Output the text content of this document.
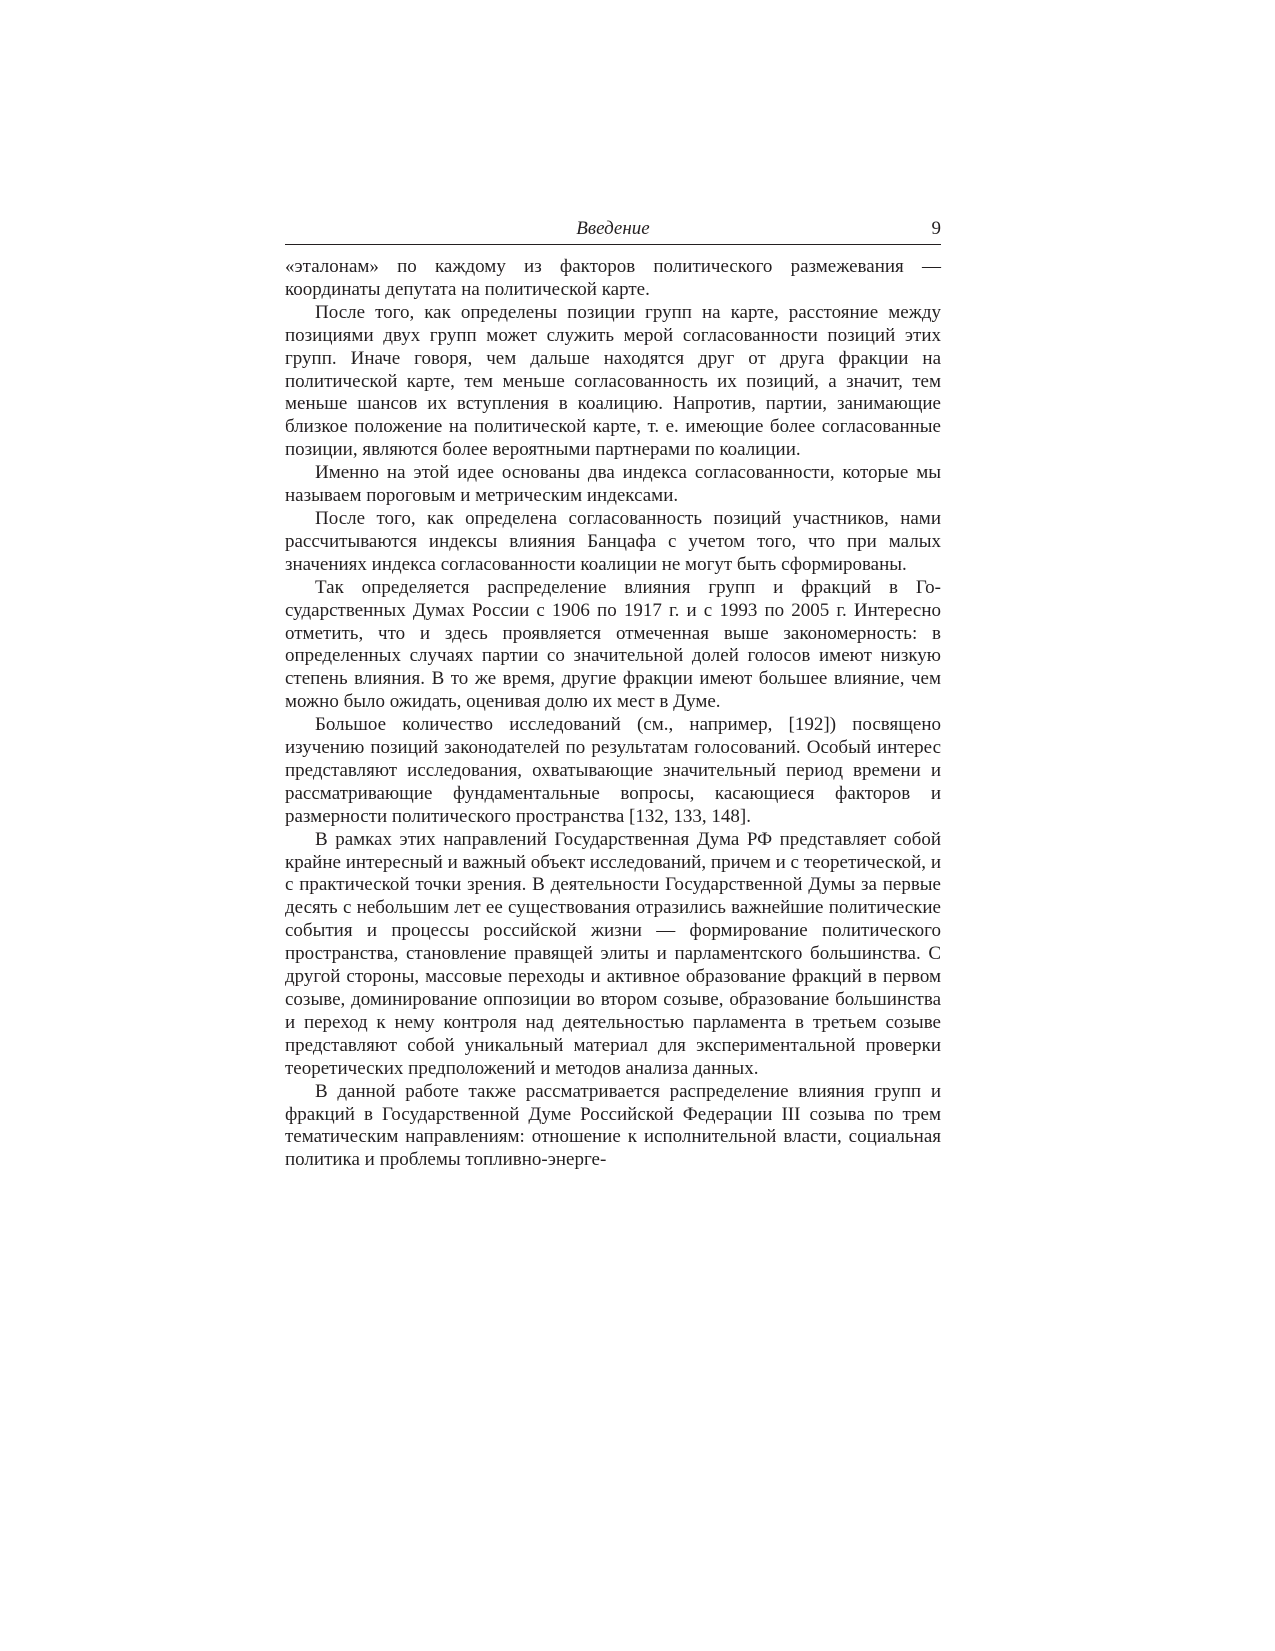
Введение	9

«эталонам» по каждому из факторов политического размежевания — координаты депутата на политической карте.

После того, как определены позиции групп на карте, расстояние между позициями двух групп может служить мерой согласованности позиций этих групп. Иначе говоря, чем дальше находятся друг от друга фракции на политической карте, тем меньше согласованность их позиций, а значит, тем меньше шансов их вступления в коалицию. Напротив, партии, занимающие близкое положение на политической карте, т. е. имеющие более согласованные позиции, являются более вероятными партнерами по коалиции.

Именно на этой идее основаны два индекса согласованности, которые мы называем пороговым и метрическим индексами.

После того, как определена согласованность позиций участников, нами рассчитываются индексы влияния Банцафа с учетом того, что при малых значениях индекса согласованности коалиции не могут быть сформированы.

Так определяется распределение влияния групп и фракций в Государственных Думах России с 1906 по 1917 г. и с 1993 по 2005 г. Интересно отметить, что и здесь проявляется отмеченная выше закономерность: в определенных случаях партии со значительной долей голосов имеют низкую степень влияния. В то же время, другие фракции имеют большее влияние, чем можно было ожидать, оценивая долю их мест в Думе.

Большое количество исследований (см., например, [192]) посвящено изучению позиций законодателей по результатам голосований. Особый интерес представляют исследования, охватывающие значительный период времени и рассматривающие фундаментальные вопросы, касающиеся факторов и размерности политического пространства [132, 133, 148].

В рамках этих направлений Государственная Дума РФ представляет собой крайне интересный и важный объект исследований, причем и с теоретической, и с практической точки зрения. В деятельности Государственной Думы за первые десять с небольшим лет ее существования отразились важнейшие политические события и процессы российской жизни — формирование политического пространства, становление правящей элиты и парламентского большинства. С другой стороны, массовые переходы и активное образование фракций в первом созыве, доминирование оппозиции во втором созыве, образование большинства и переход к нему контроля над деятельностью парламента в третьем созыве представляют собой уникальный материал для экспериментальной проверки теоретических предположений и методов анализа данных.

В данной работе также рассматривается распределение влияния групп и фракций в Государственной Думе Российской Федерации III созыва по трем тематическим направлениям: отношение к исполнительной власти, социальная политика и проблемы топливно-энерге-
